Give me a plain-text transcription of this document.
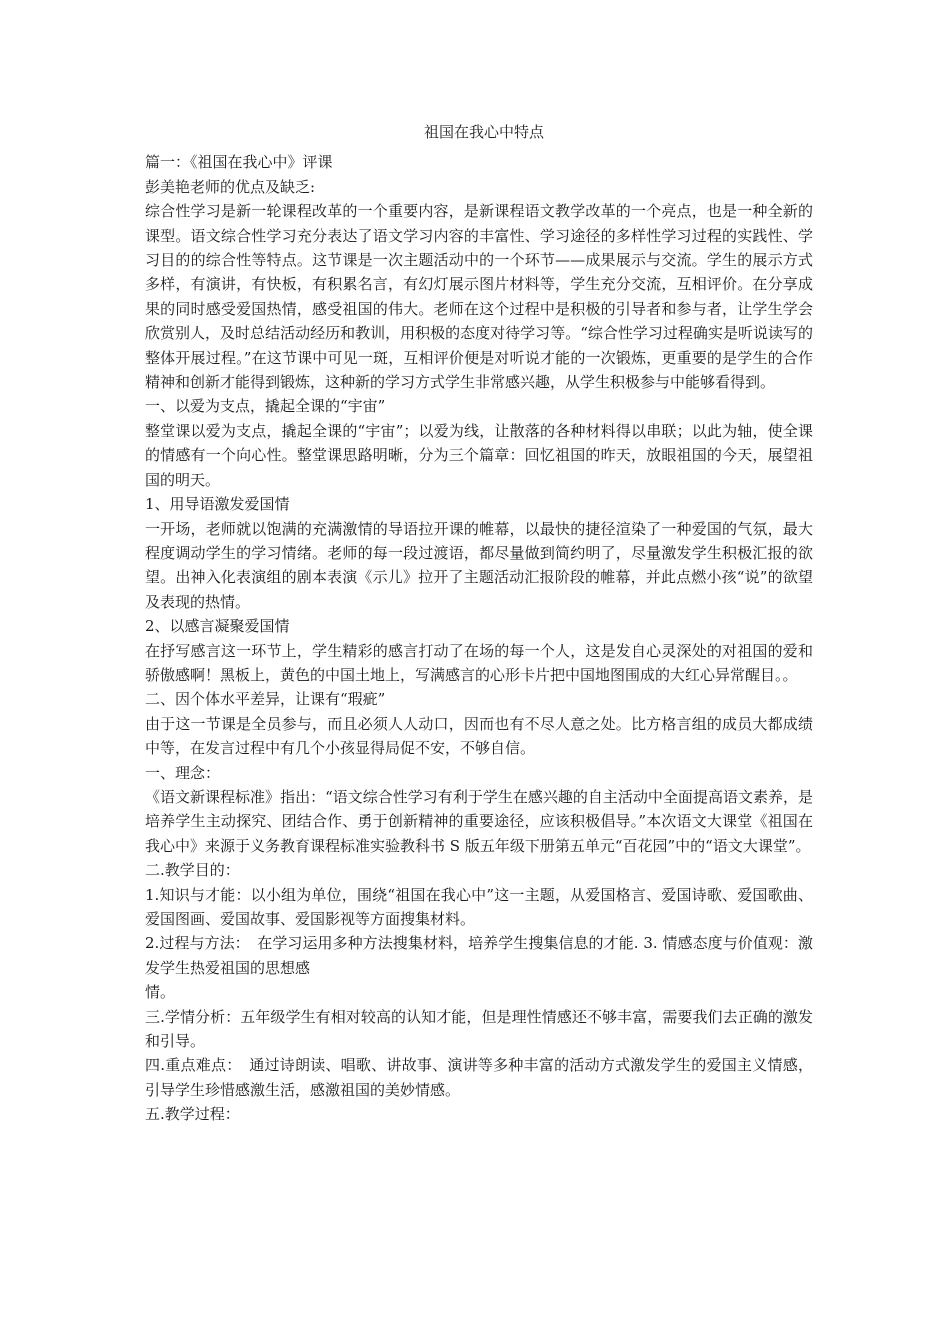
祖国在我心中特点

篇一：《祖国在我心中》评课

彭美艳老师的优点及缺乏:

综合性学习是新一轮课程改革的一个重要内容，是新课程语文教学改革的一个亮点，也是一种全新的课型。语文综合性学习充分表达了语文学习内容的丰富性、学习途径的多样性学习过程的实践性、学习目的的综合性等特点。这节课是一次主题活动中的一个环节——成果展示与交流。学生的展示方式多样，有演讲，有快板，有积累名言，有幻灯展示图片材料等，学生充分交流，互相评价。在分享成果的同时感受爱国热情，感受祖国的伟大。老师在这个过程中是积极的引导者和参与者，让学生学会欣赏别人，及时总结活动经历和教训，用积极的态度对待学习等。“综合性学习过程确实是听说读写的整体开展过程。”在这节课中可见一斑，互相评价便是对听说才能的一次锻炼，更重要的是学生的合作精神和创新才能得到锻炼，这种新的学习方式学生非常感兴趣，从学生积极参与中能够看得到。

一、以爱为支点，撬起全课的“宇宙”

整堂课以爱为支点，撬起全课的“宇宙”；以爱为线，让散落的各种材料得以串联；以此为轴，使全课的情感有一个向心性。整堂课思路明晰，分为三个篇章：回忆祖国的昨天，放眼祖国的今天，展望祖国的明天。

1、用导语激发爱国情

一开场，老师就以饱满的充满激情的导语拉开课的帷幕，以最快的捷径渲染了一种爱国的气氛，最大程度调动学生的学习情绪。老师的每一段过渡语，都尽量做到简约明了，尽量激发学生积极汇报的欲望。出神入化表演组的剧本表演《示儿》拉开了主题活动汇报阶段的帷幕，并此点燃小孩“说”的欲望及表现的热情。

2、以感言凝聚爱国情

在抒写感言这一环节上，学生精彩的感言打动了在场的每一个人，这是发自心灵深处的对祖国的爱和骄傲感啊！黑板上，黄色的中国土地上，写满感言的心形卡片把中国地图围成的大红心异常醒目。。

二、因个体水平差异，让课有“瑕疵”

由于这一节课是全员参与，而且必须人人动口，因而也有不尽人意之处。比方格言组的成员大都成绩中等，在发言过程中有几个小孩显得局促不安，不够自信。

一、理念：

《语文新课程标准》指出：“语文综合性学习有利于学生在感兴趣的自主活动中全面提高语文素养，是培养学生主动探究、团结合作、勇于创新精神的重要途径，应该积极倡导。”本次语文大课堂《祖国在我心中》来源于义务教育课程标准实验教科书 S 版五年级下册第五单元“百花园”中的“语文大课堂”。

二.教学目的：

1.知识与才能：以小组为单位，围绕“祖国在我心中”这一主题，从爱国格言、爱国诗歌、爱国歌曲、爱国图画、爱国故事、爱国影视等方面搜集材料。

2.过程与方法：　在学习运用多种方法搜集材料，培养学生搜集信息的才能. 3. 情感态度与价值观：激发学生热爱祖国的思想感

情。

三.学情分析：五年级学生有相对较高的认知才能，但是理性情感还不够丰富，需要我们去正确的激发和引导。

四.重点难点：　通过诗朗读、唱歌、讲故事、演讲等多种丰富的活动方式激发学生的爱国主义情感，引导学生珍惜感激生活，感激祖国的美妙情感。

五.教学过程：
